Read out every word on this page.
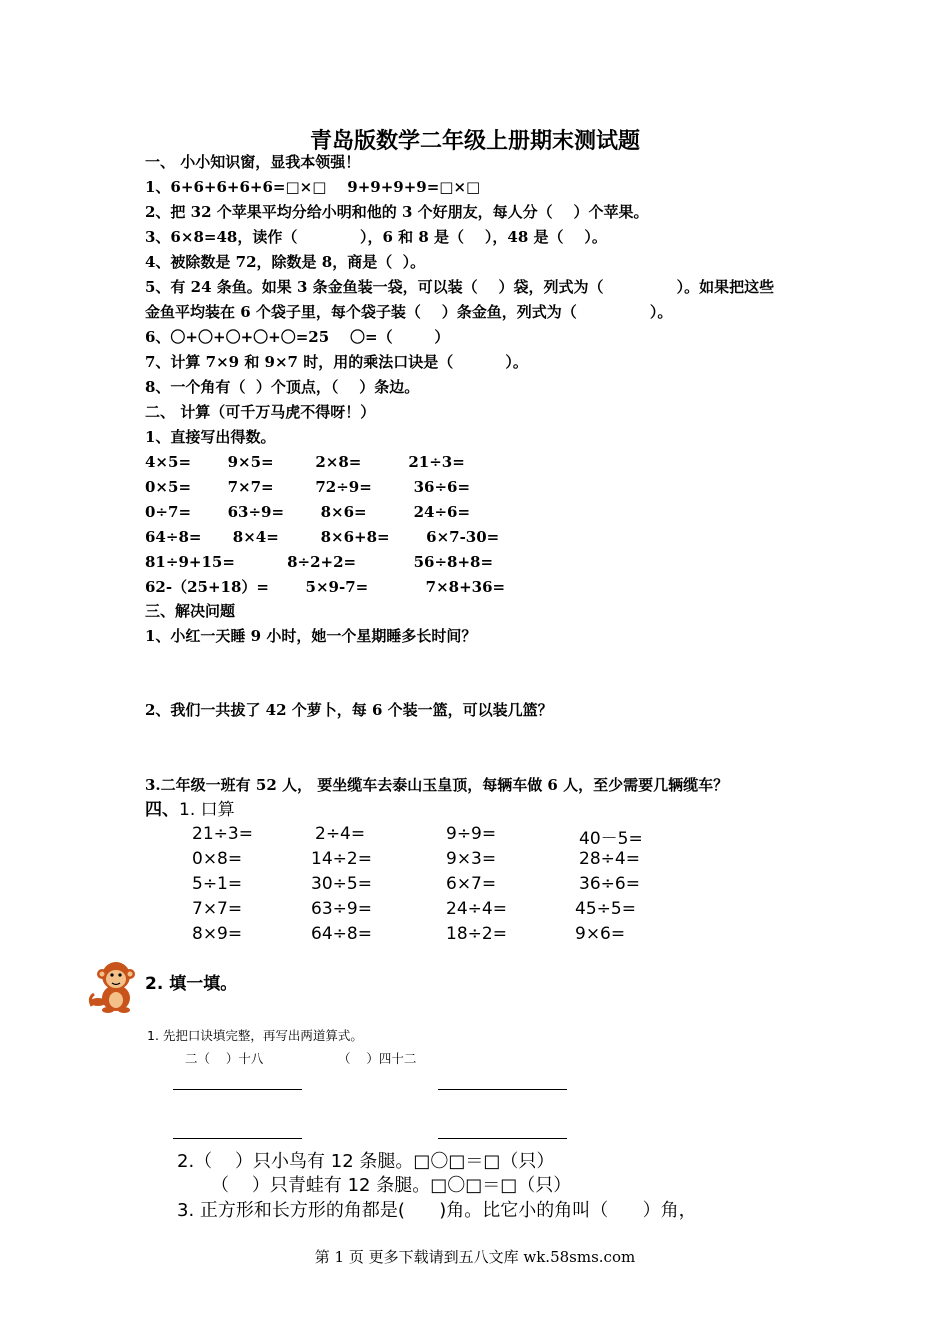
青岛版数学二年级上册期末测试题
一、 小小知识窗，显我本领强！
1、6+6+6+6+6=□×□    9+9+9+9=□×□
2、把 32 个苹果平均分给小明和他的 3 个好朋友，每人分（    ）个苹果。
3、6×8=48，读作（            ），6 和 8 是（    ），48 是（    ）。
4、被除数是 72，除数是 8，商是（  ）。
5、有 24 条鱼。如果 3 条金鱼装一袋，可以装（    ）袋，列式为（              ）。如果把这些
金鱼平均装在 6 个袋子里，每个袋子装（    ）条金鱼，列式为（              ）。
6、〇+〇+〇+〇+〇=25    〇=（        ）
7、计算 7×9 和 9×7 时，用的乘法口诀是（          ）。
8、一个角有（  ）个顶点，（    ）条边。
二、 计算（可千万马虎不得呀！）
1、直接写出得数。
4×5=       9×5=        2×8=         21÷3=
0×5=       7×7=        72÷9=        36÷6=
0÷7=       63÷9=       8×6=         24÷6=
64÷8=      8×4=        8×6+8=       6×7-30=
81÷9+15=          8÷2+2=           56÷8+8=
62-（25+18）=       5×9-7=           7×8+36=
三、解决问题
1、小红一天睡 9 小时，她一个星期睡多长时间？
2、我们一共拔了 42 个萝卜，每 6 个装一篮，可以装几篮？
3.二年级一班有 52 人， 要坐缆车去泰山玉皇顶，每辆车做 6 人，至少需要几辆缆车？
四、1. 口算
21÷3=	2÷4=	9÷9=	40－5=
0×8=	14÷2=	9×3=	28÷4=
5÷1=	30÷5=	6×7=	36÷6=
7×7=	63÷9=	24÷4=	45÷5=
8×9=	64÷8=	18÷2=	9×6=
2. 填一填。
1. 先把口诀填完整，再写出两道算式。
二（    ）十八	（    ）四十二
2.（    ）只小鸟有 12 条腿。□〇□＝□（只）
（    ）只青蛙有 12 条腿。□〇□＝□（只）
3. 正方形和长方形的角都是(      )角。比它小的角叫（      ）角，
第 1 页 更多下载请到五八文库 wk.58sms.com
